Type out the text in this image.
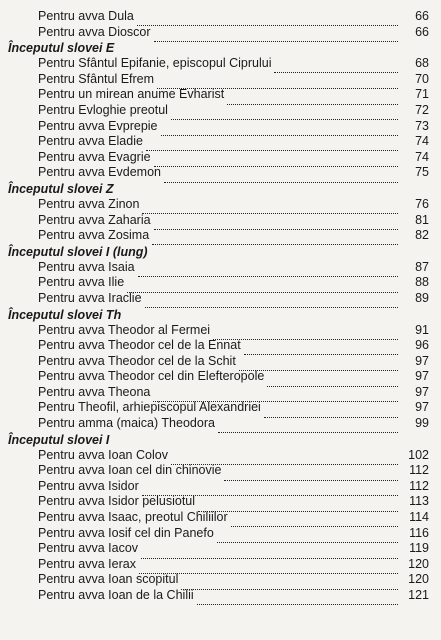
Pentru avva Dula	66
Pentru avva Dioscor	66
Începutul slovei E
Pentru Sfântul Epifanie, episcopul Ciprului	68
Pentru Sfântul Efrem	70
Pentru un mirean anume Evharist	71
Pentru Evloghie preotul	72
Pentru avva Evprepie	73
Pentru avva Eladie	74
Pentru avva Evagrie	74
Pentru avva Evdemon	75
Începutul slovei Z
Pentru avva Zinon	76
Pentru avva Zaharia	81
Pentru avva Zosima	82
Începutul slovei I (lung)
Pentru avva Isaia	87
Pentru avva Ilie	88
Pentru avva Iraclie	89
Începutul slovei Th
Pentru avva Theodor al Fermei	91
Pentru avva Theodor cel de la Ennat	96
Pentru avva Theodor cel de la Schit	97
Pentru avva Theodor cel din Elefteropole	97
Pentru avva Theona	97
Pentru Theofil, arhiepiscopul Alexandriei	97
Pentru amma (maica) Theodora	99
Începutul slovei I
Pentru avva Ioan Colov	102
Pentru avva Ioan cel din chinovie	112
Pentru avva Isidor	112
Pentru avva Isidor pelusiotul	113
Pentru avva Isaac, preotul Chiliilor	114
Pentru avva Iosif cel din Panefo	116
Pentru avva Iacov	119
Pentru avva Ierax	120
Pentru avva Ioan scopitul	120
Pentru avva Ioan de la Chilii	121
